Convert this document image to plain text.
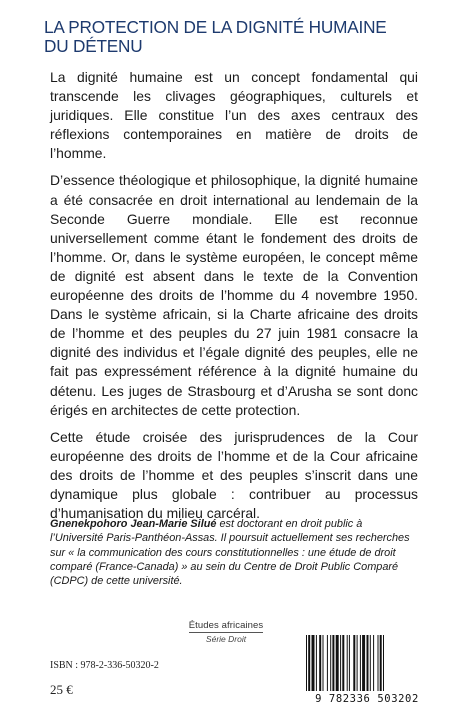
LA PROTECTION DE LA DIGNITÉ HUMAINE
DU DÉTENU

La dignité humaine est un concept fondamental qui transcende les clivages géographiques, culturels et juridiques. Elle constitue l’un des axes centraux des réflexions contemporaines en matière de droits de l’homme.

D’essence théologique et philosophique, la dignité humaine a été consacrée en droit international au lendemain de la Seconde Guerre mondiale. Elle est reconnue universellement comme étant le fondement des droits de l’homme. Or, dans le système européen, le concept même de dignité est absent dans le texte de la Convention européenne des droits de l’homme du 4 novembre 1950. Dans le système africain, si la Charte africaine des droits de l’homme et des peuples du 27 juin 1981 consacre la dignité des individus et l’égale dignité des peuples, elle ne fait pas expressément référence à la dignité humaine du détenu. Les juges de Strasbourg et d’Arusha se sont donc érigés en architectes de cette protection.

Cette étude croisée des jurisprudences de la Cour européenne des droits de l’homme et de la Cour africaine des droits de l’homme et des peuples s’inscrit dans une dynamique plus globale : contribuer au processus d’humanisation du milieu carcéral.

Gnenekpohoro Jean-Marie Silué est doctorant en droit public à l’Université Paris-Panthéon-Assas. Il poursuit actuellement ses recherches sur « la communication des cours constitutionnelles : une étude de droit comparé (France-Canada) » au sein du Centre de Droit Public Comparé (CDPC) de cette université.
Études africaines
Série Droit
ISBN : 978-2-336-50320-2
25 €
9 782336 503202
